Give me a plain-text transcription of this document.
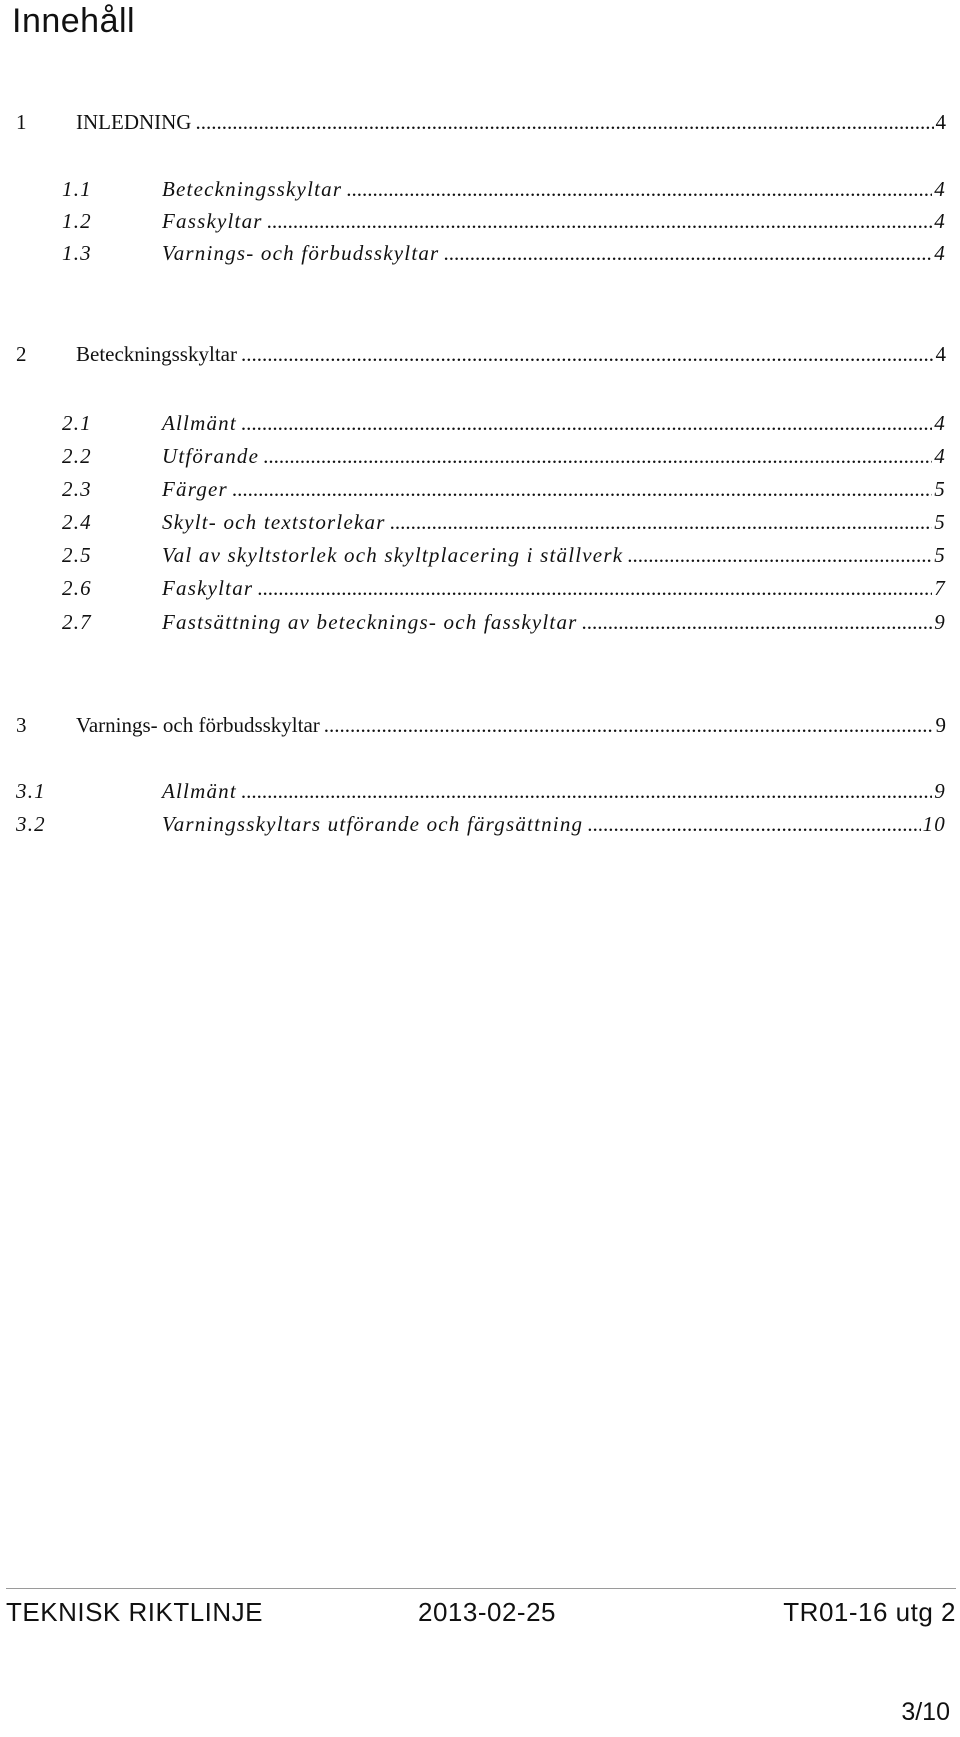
Innehåll
1	INLEDNING .....	4
1.1	Beteckningsskyltar .....	4
1.2	Fasskyltar .....	4
1.3	Varnings- och förbudsskyltar .....	4
2	Beteckningsskyltar .....	4
2.1	Allmänt .....	4
2.2	Utförande .....	4
2.3	Färger .....	5
2.4	Skylt- och textstorlekar .....	5
2.5	Val av skyltstorlek och skyltplacering i ställverk .....	5
2.6	Faskyltar .....	7
2.7	Fastsättning av betecknings- och fasskyltar .....	9
3	Varnings- och förbudsskyltar .....	9
3.1	Allmänt .....	9
3.2	Varningsskyltars utförande och färgsättning .....	10
TEKNISK RIKTLINJE	2013-02-25	TR01-16 utg 2
3/10
